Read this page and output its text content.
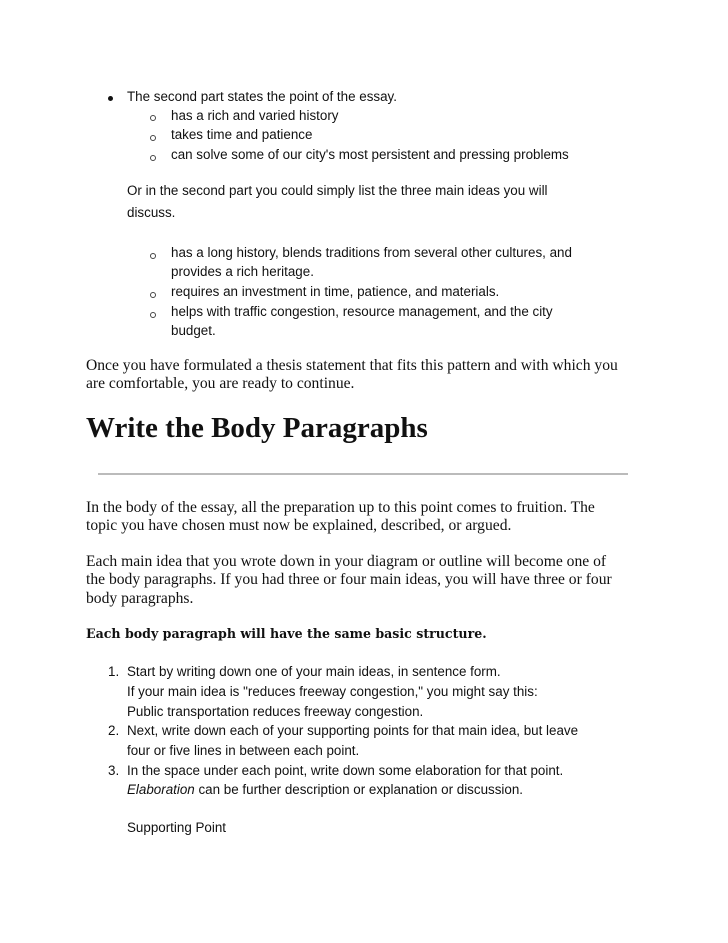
The second part states the point of the essay.
has a rich and varied history
takes time and patience
can solve some of our city's most persistent and pressing problems
Or in the second part you could simply list the three main ideas you will
discuss.
has a long history, blends traditions from several other cultures, and
provides a rich heritage.
requires an investment in time, patience, and materials.
helps with traffic congestion, resource management, and the city
budget.
Once you have formulated a thesis statement that fits this pattern and with which you
are comfortable, you are ready to continue.
Write the Body Paragraphs
In the body of the essay, all the preparation up to this point comes to fruition. The
topic you have chosen must now be explained, described, or argued.
Each main idea that you wrote down in your diagram or outline will become one of
the body paragraphs. If you had three or four main ideas, you will have three or four
body paragraphs.
Each body paragraph will have the same basic structure.
1. Start by writing down one of your main ideas, in sentence form.
If your main idea is "reduces freeway congestion," you might say this:
Public transportation reduces freeway congestion.
2. Next, write down each of your supporting points for that main idea, but leave
four or five lines in between each point.
3. In the space under each point, write down some elaboration for that point.
Elaboration can be further description or explanation or discussion.
Supporting Point
